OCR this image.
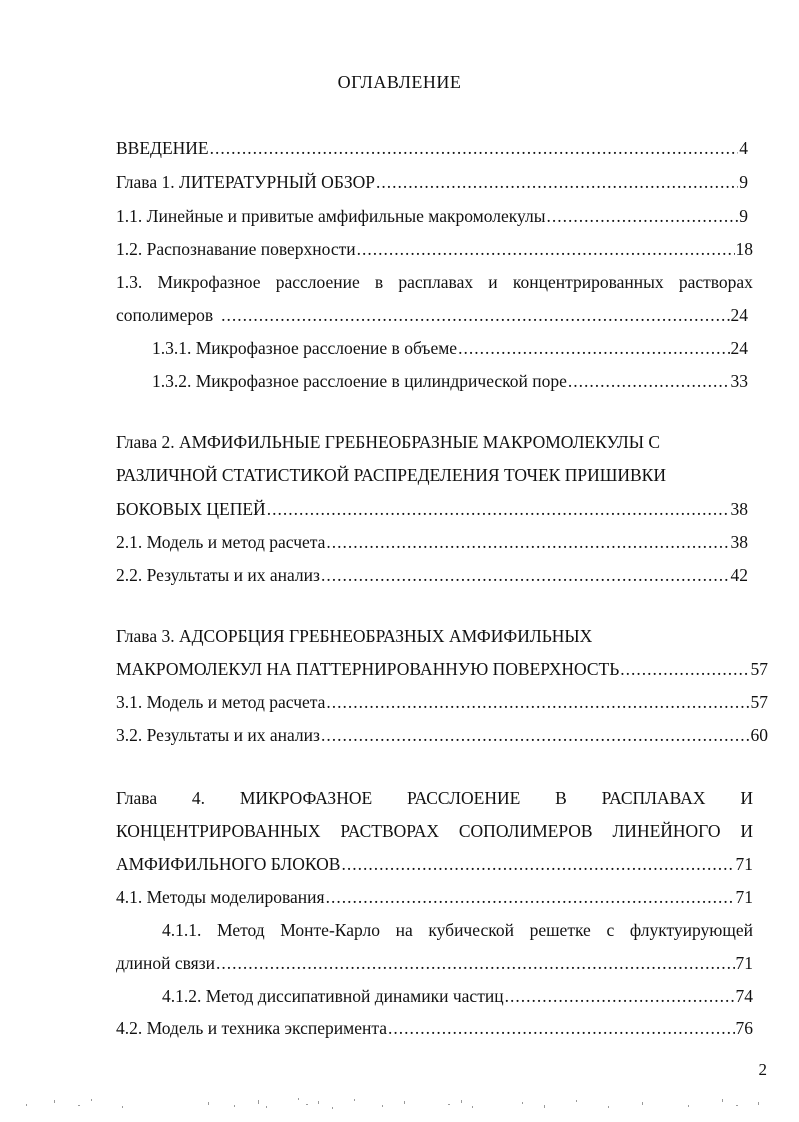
ОГЛАВЛЕНИЕ
ВВЕДЕНИЕ .....	4
Глава 1. ЛИТЕРАТУРНЫЙ ОБЗОР .....	9
1.1. Линейные и привитые амфифильные макромолекулы .....	9
1.2. Распознавание поверхности .....	18
1.3. Микрофазное расслоение в расплавах и концентрированных растворах
сополимеров .....	24
1.3.1. Микрофазное расслоение в объеме .....	24
1.3.2. Микрофазное расслоение в цилиндрической поре .....	33
Глава 2. АМФИФИЛЬНЫЕ ГРЕБНЕОБРАЗНЫЕ МАКРОМОЛЕКУЛЫ С
РАЗЛИЧНОЙ СТАТИСТИКОЙ РАСПРЕДЕЛЕНИЯ ТОЧЕК ПРИШИВКИ
БОКОВЫХ ЦЕПЕЙ .....	38
2.1. Модель и метод расчета .....	38
2.2. Результаты и их анализ .....	42
Глава 3. АДСОРБЦИЯ ГРЕБНЕОБРАЗНЫХ АМФИФИЛЬНЫХ
МАКРОМОЛЕКУЛ НА ПАТТЕРНИРОВАННУЮ ПОВЕРХНОСТЬ .....	57
3.1. Модель и метод расчета .....	57
3.2. Результаты и их анализ .....	60
Глава 4. МИКРОФАЗНОЕ РАССЛОЕНИЕ В РАСПЛАВАХ И
КОНЦЕНТРИРОВАННЫХ РАСТВОРАХ СОПОЛИМЕРОВ ЛИНЕЙНОГО И
АМФИФИЛЬНОГО БЛОКОВ .....	71
4.1. Методы моделирования .....	71
4.1.1. Метод Монте-Карло на кубической решетке с флуктуирующей
длиной связи .....	71
4.1.2. Метод диссипативной динамики частиц .....	74
4.2. Модель и техника эксперимента .....	76
2
